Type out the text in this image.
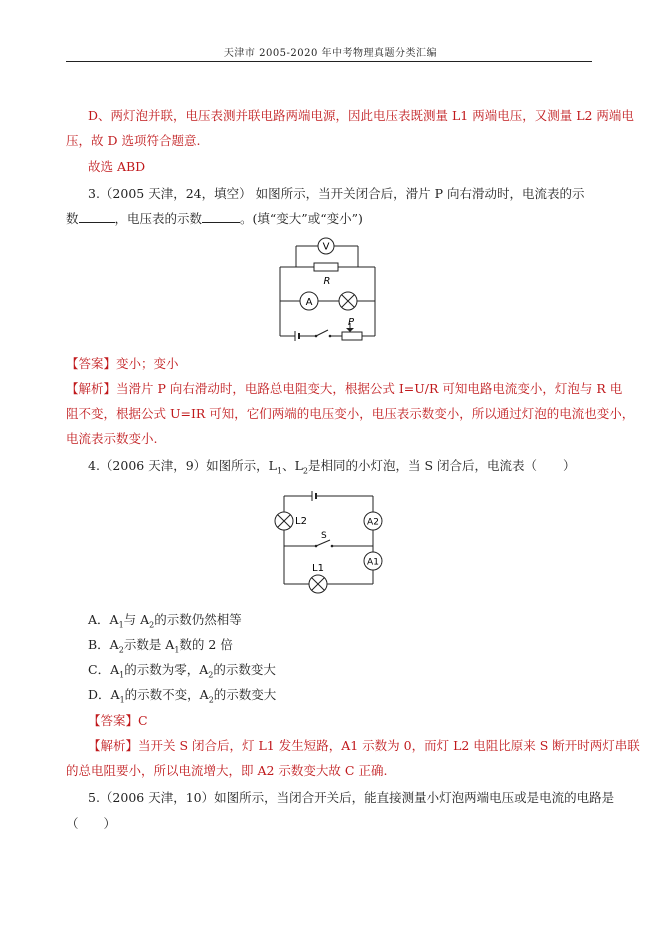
天津市 2005-2020 年中考物理真题分类汇编
D、两灯泡并联，电压表测并联电路两端电源，因此电压表既测量 L1 两端电压，又测量 L2 两端电
压，故 D 选项符合题意.
故选 ABD
3.（2005 天津，24，填空） 如图所示，当开关闭合后，滑片 P 向右滑动时，电流表的示
数	，电压表的示数	。(填“变大”或“变小”)
V
R
A
P
【答案】变小；变小
【解析】当滑片 P 向右滑动时，电路总电阻变大，根据公式 I=U/R 可知电路电流变小，灯泡与 R 电
阻不变，根据公式 U=IR 可知，它们两端的电压变小，电压表示数变小，所以通过灯泡的电流也变小，
电流表示数变小.
4.（2006 天津，9）如图所示，$L_1$、$L_2$是相同的小灯泡，当 S 闭合后，电流表（ ）
L2	A2
S
A1
L1
A．$A_1$与 $A_2$的示数仍然相等
B．$A_2$示数是 $A_1$数的 2 倍
C．$A_1$的示数为零，$A_2$的示数变大
D．$A_1$的示数不变，$A_2$的示数变大
【答案】C
【解析】当开关 S 闭合后，灯 L1 发生短路，A1 示数为 0，而灯 L2 电阻比原来 S 断开时两灯串联
的总电阻要小，所以电流增大，即 A2 示数变大故 C 正确.
5.（2006 天津，10）如图所示，当闭合开关后，能直接测量小灯泡两端电压或是电流的电路是
（　　）
